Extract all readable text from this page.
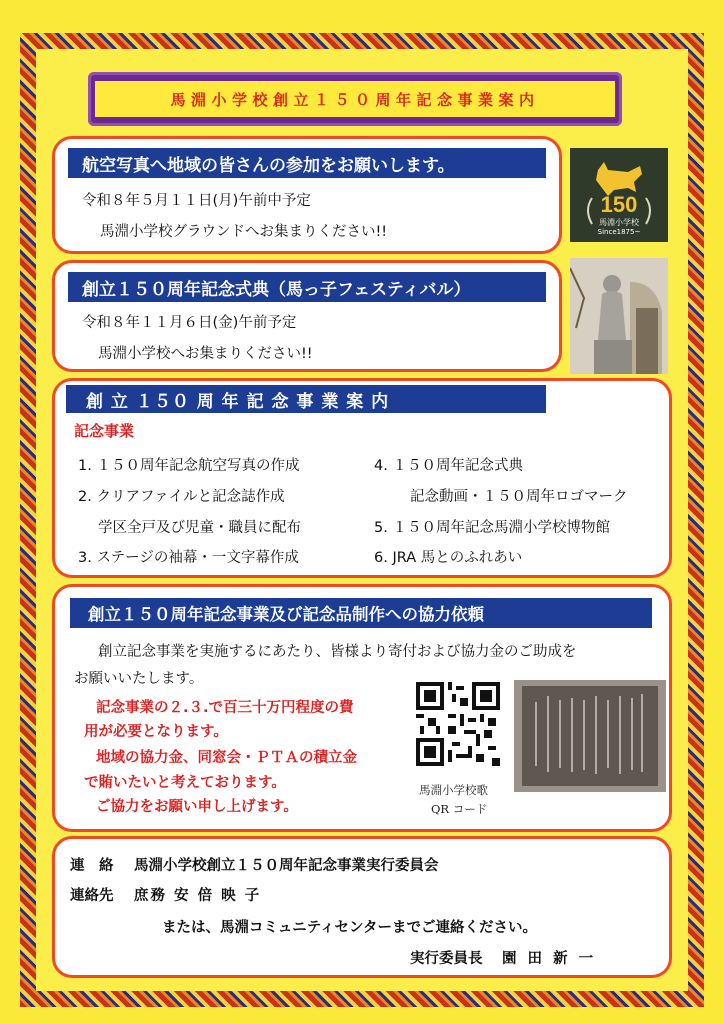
馬淵小学校創立１５０周年記念事業案内
航空写真へ地域の皆さんの参加をお願いします。
令和８年５月１１日(月)午前中予定
馬淵小学校グラウンドへお集まりください!!
150
馬淵小学校
Since1875~
創立１５０周年記念式典（馬っ子フェスティバル）
令和８年１１月６日(金)午前予定
馬淵小学校へお集まりください!!
創 立 １５０ 周 年 記 念 事 業 案 内
記念事業
1. １５０周年記念航空写真の作成
2. クリアファイルと記念誌作成
学区全戸及び児童・職員に配布
3. ステージの袖幕・一文字幕作成
4. １５０周年記念式典
記念動画・１５０周年ロゴマーク
5. １５０周年記念馬淵小学校博物館
6. JRA 馬とのふれあい
創立１５０周年記念事業及び記念品制作への協力依頼
創立記念事業を実施するにあたり、皆様より寄付および協力金のご助成を
お願いいたします。
記念事業の２.３.で百三十万円程度の費
用が必要となります。
地域の協力金、同窓会・ＰＴＡの積立金
で賄いたいと考えております。
ご協力をお願い申し上げます。
馬淵小学校歌
QR コード
連　絡 馬淵小学校創立１５０周年記念事業実行委員会
連絡先 庶務 安 倍 映 子
または、馬淵コミュニティセンターまでご連絡ください。
実行委員長 園 田 新 一
